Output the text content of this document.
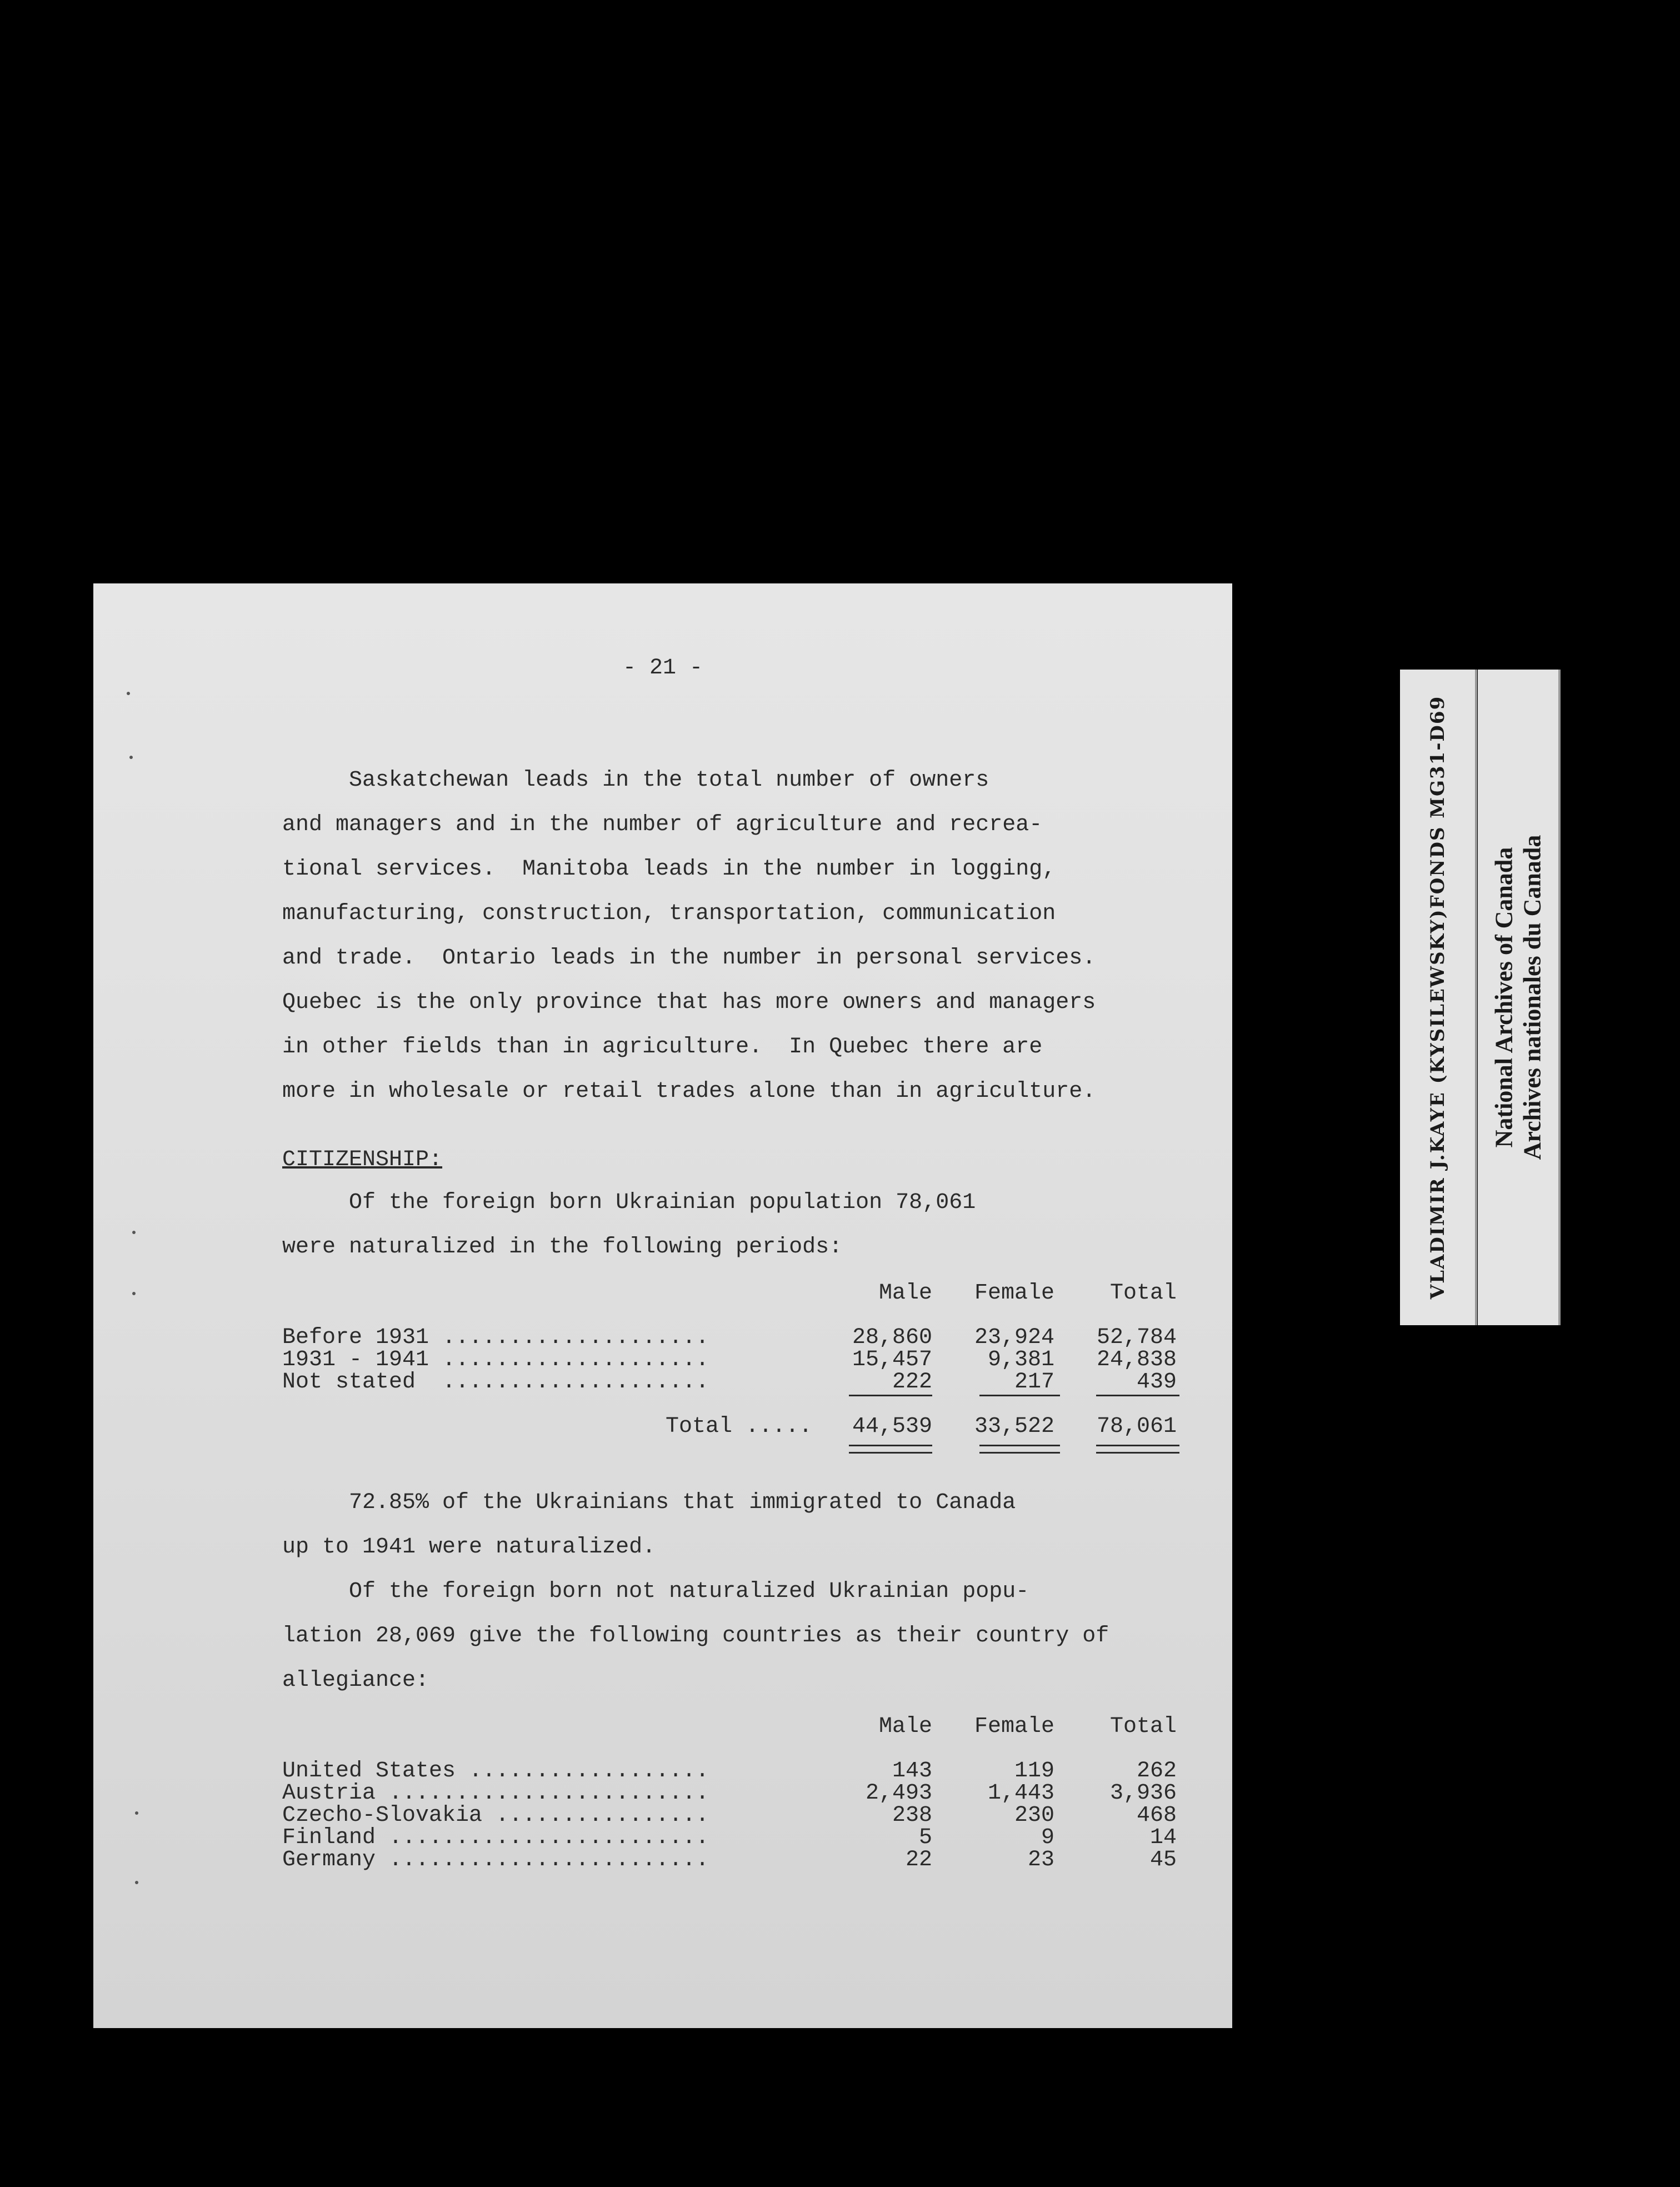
- 21 -
Saskatchewan leads in the total number of owners
and managers and in the number of agriculture and recrea-
tional services.  Manitoba leads in the number in logging,
manufacturing, construction, transportation, communication
and trade.  Ontario leads in the number in personal services.
Quebec is the only province that has more owners and managers
in other fields than in agriculture.  In Quebec there are
more in wholesale or retail trades alone than in agriculture.
CITIZENSHIP:
Of the foreign born Ukrainian population 78,061
were naturalized in the following periods:
Male	Female	Total
Before 1931 ....................	28,860	23,924	52,784
1931 - 1941 ....................	15,457	9,381	24,838
Not stated  ....................	222	217	439
Total .....	44,539	33,522	78,061
72.85% of the Ukrainians that immigrated to Canada
up to 1941 were naturalized.
Of the foreign born not naturalized Ukrainian popu-
lation 28,069 give the following countries as their country of
allegiance:
Male	Female	Total
United States ..................	143	119	262
Austria ........................	2,493	1,443	3,936
Czecho-Slovakia ................	238	230	468
Finland ........................	5	9	14
Germany ........................	22	23	45
VLADIMIR J.KAYE (KYSILEWSKY)FONDS MG31-D69 National Archives of Canada Archives nationales du Canada
